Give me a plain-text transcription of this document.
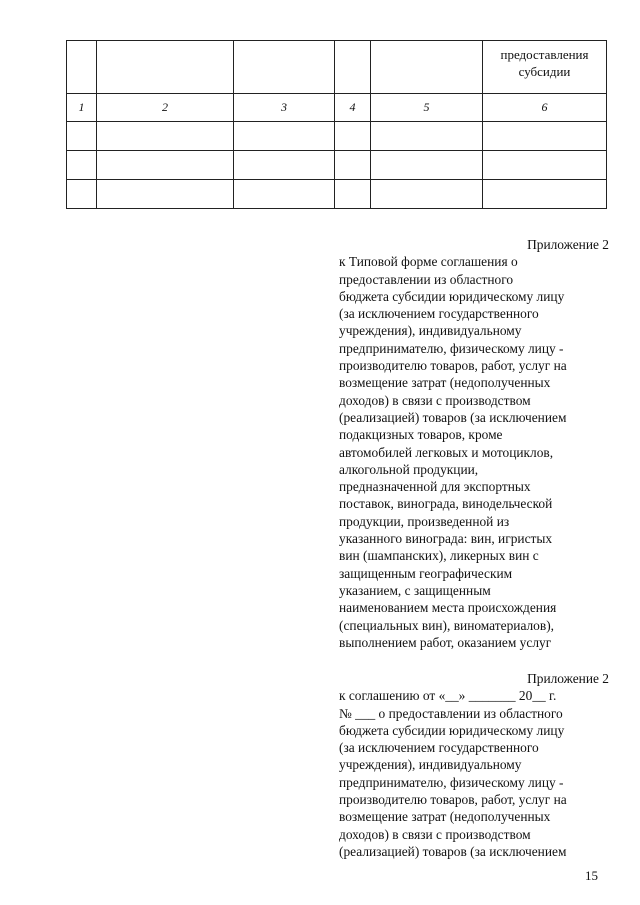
					предоставления
субсидии
1	2	3	4	5	6

Приложение 2
к Типовой форме соглашения о
предоставлении из областного
бюджета субсидии юридическому лицу
(за исключением государственного
учреждения), индивидуальному
предпринимателю, физическому лицу -
производителю товаров, работ, услуг на
возмещение затрат (недополученных
доходов) в связи с производством
(реализацией) товаров (за исключением
подакцизных товаров, кроме
автомобилей легковых и мотоциклов,
алкогольной продукции,
предназначенной для экспортных
поставок, винограда, винодельческой
продукции, произведенной из
указанного винограда: вин, игристых
вин (шампанских), ликерных вин с
защищенным географическим
указанием, с защищенным
наименованием места происхождения
(специальных вин), виноматериалов),
выполнением работ, оказанием услуг
Приложение 2
к соглашению от «__» _______ 20__ г.
№ ___ о предоставлении из областного
бюджета субсидии юридическому лицу
(за исключением государственного
учреждения), индивидуальному
предпринимателю, физическому лицу -
производителю товаров, работ, услуг на
возмещение затрат (недополученных
доходов) в связи с производством
(реализацией) товаров (за исключением
15
